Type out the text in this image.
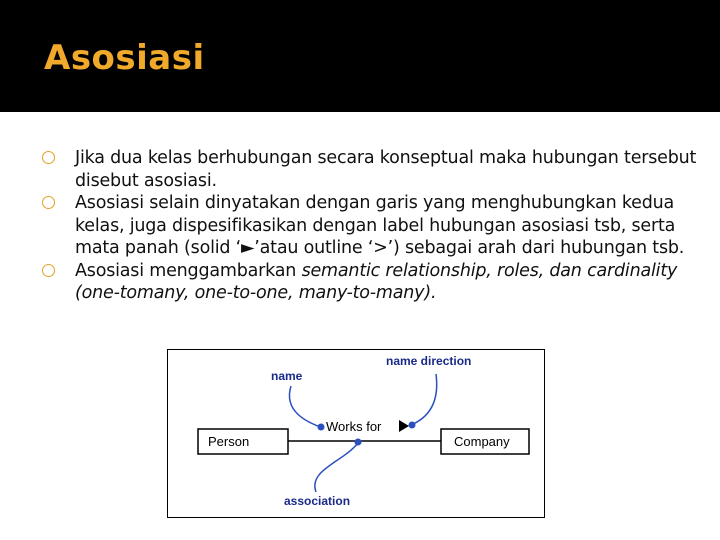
Asosiasi
Jika dua kelas berhubungan secara konseptual maka hubungan tersebut disebut asosiasi.
Asosiasi selain dinyatakan dengan garis yang menghubungkan kedua kelas, juga dispesifikasikan dengan label hubungan asosiasi tsb, serta mata panah (solid ‘►’atau outline ‘>’) sebagai arah dari hubungan tsb.
Asosiasi menggambarkan semantic relationship, roles, dan cardinality (one-tomany, one-to-one, many-to-many).
Person	Company
Works for
name
name direction
association
